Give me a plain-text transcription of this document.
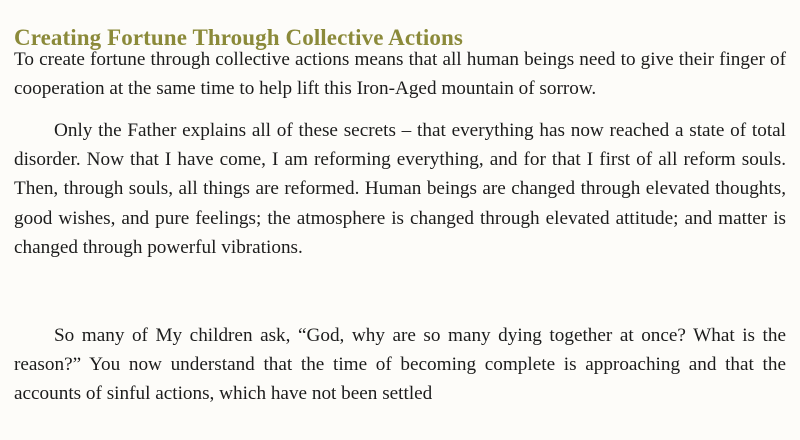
Creating Fortune Through Collective Actions

To create fortune through collective actions means that all human beings need to give their finger of cooperation at the same time to help lift this Iron-Aged mountain of sorrow.

Only the Father explains all of these secrets – that everything has now reached a state of total disorder. Now that I have come, I am reforming everything, and for that I first of all reform souls. Then, through souls, all things are reformed. Human beings are changed through elevated thoughts, good wishes, and pure feelings; the atmosphere is changed through elevated attitude; and matter is changed through powerful vibrations.

So many of My children ask, “God, why are so many dying together at once? What is the reason?” You now understand that the time of becoming complete is approaching and that the accounts of sinful actions, which have not been settled
